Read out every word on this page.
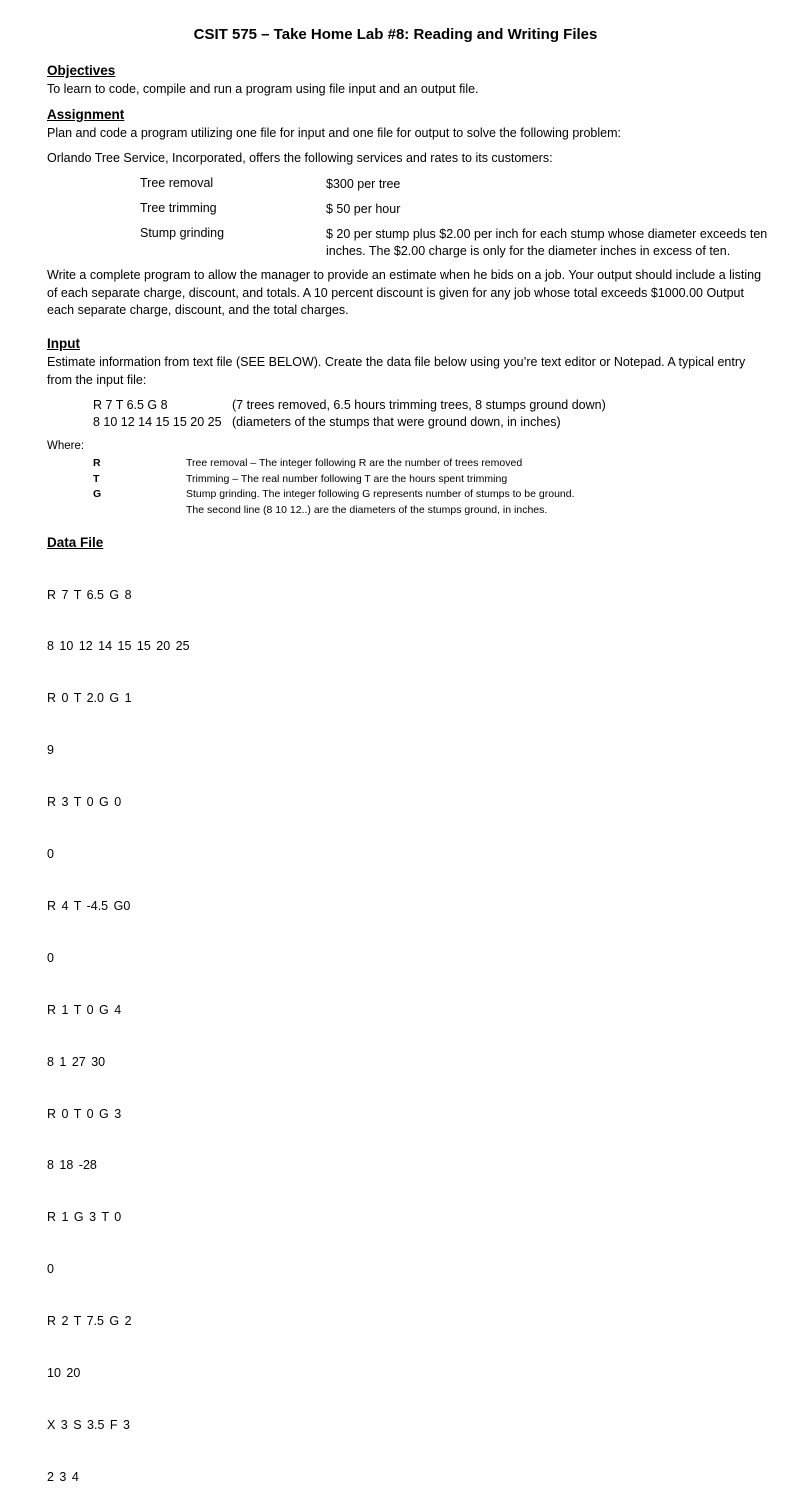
CSIT 575 – Take Home Lab #8: Reading and Writing Files
Objectives
To learn to code, compile and run a program using file input and an output file.
Assignment
Plan and code a program utilizing one file for input and one file for output to solve the following problem:
Orlando Tree Service, Incorporated, offers the following services and rates to its customers:
Tree removal	$300 per tree
Tree trimming	$ 50 per hour
Stump grinding	$ 20 per stump plus $2.00 per inch for each stump whose diameter exceeds ten inches. The $2.00 charge is only for the diameter inches in excess of ten.
Write a complete program to allow the manager to provide an estimate when he bids on a job. Your output should include a listing of each separate charge, discount, and totals. A 10 percent discount is given for any job whose total exceeds $1000.00 Output each separate charge, discount, and the total charges.
Input
Estimate information from text file (SEE BELOW). Create the data file below using you’re text editor or Notepad. A typical entry from the input file:
R 7 T 6.5 G 8	(7 trees removed, 6.5 hours trimming trees, 8 stumps ground down)
8 10 12 14 15 15 20 25 (diameters of the stumps that were ground down, in inches)
Where:
R	Tree removal – The integer following R are the number of trees removed
T	Trimming – The real number following T are the hours spent trimming
G	Stump grinding. The integer following G represents number of stumps to be ground.
The second line (8 10 12..) are the diameters of the stumps ground, in inches.
Data File

R 7 T 6.5 G 8

8 10 12 14 15 15 20 25

R 0 T 2.0 G 1

9

R 3 T 0 G 0

0

R 4 T -4.5 G0

0

R 1 T 0 G 4

8 1 27 30

R 0 T 0 G 3

8 18 -28

R 1 G 3 T 0

0

R 2 T 7.5 G 2

10 20

X 3 S 3.5 F 3

2 3 4
